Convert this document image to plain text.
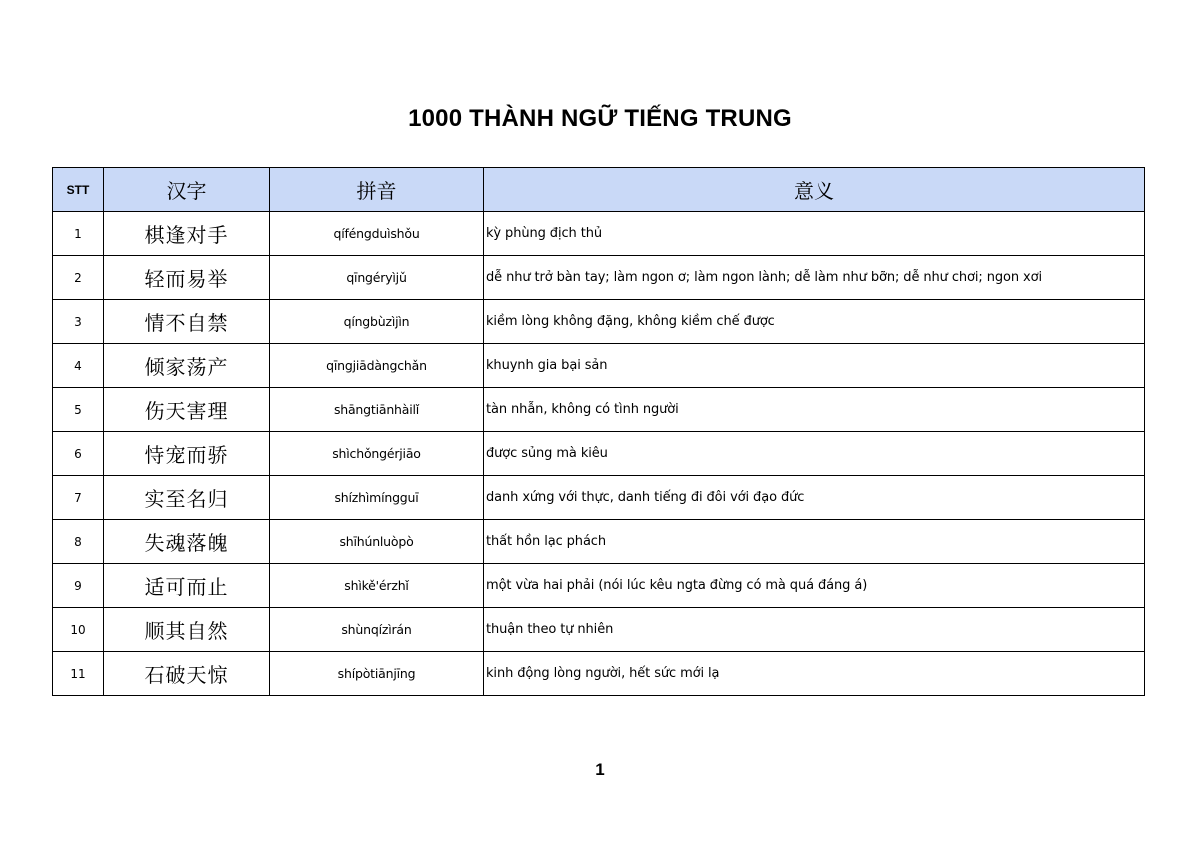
1000 THÀNH NGỮ TIẾNG TRUNG
STT	汉字	拼音	意义
1	棋逢对手	qíféngduìshǒu	kỳ phùng địch thủ
2	轻而易举	qīngéryìjǔ	dễ như trở bàn tay; làm ngon ơ; làm ngon lành; dễ làm như bỡn; dễ như chơi; ngon xơi
3	情不自禁	qíngbùzìjìn	kiềm lòng không đặng, không kiềm chế được
4	倾家荡产	qīngjiādàngchǎn	khuynh gia bại sản
5	伤天害理	shāngtiānhàilǐ	tàn nhẫn, không có tình người
6	恃宠而骄	shìchǒngérjiāo	được sủng mà kiêu
7	实至名归	shízhìmíngguī	danh xứng với thực, danh tiếng đi đôi với đạo đức
8	失魂落魄	shīhúnluòpò	thất hồn lạc phách
9	适可而止	shìkě'érzhǐ	một vừa hai phải (nói lúc kêu ngta đừng có mà quá đáng á)
10	顺其自然	shùnqízìrán	thuận theo tự nhiên
11	石破天惊	shípòtiānjīng	kinh động lòng người, hết sức mới lạ
1
